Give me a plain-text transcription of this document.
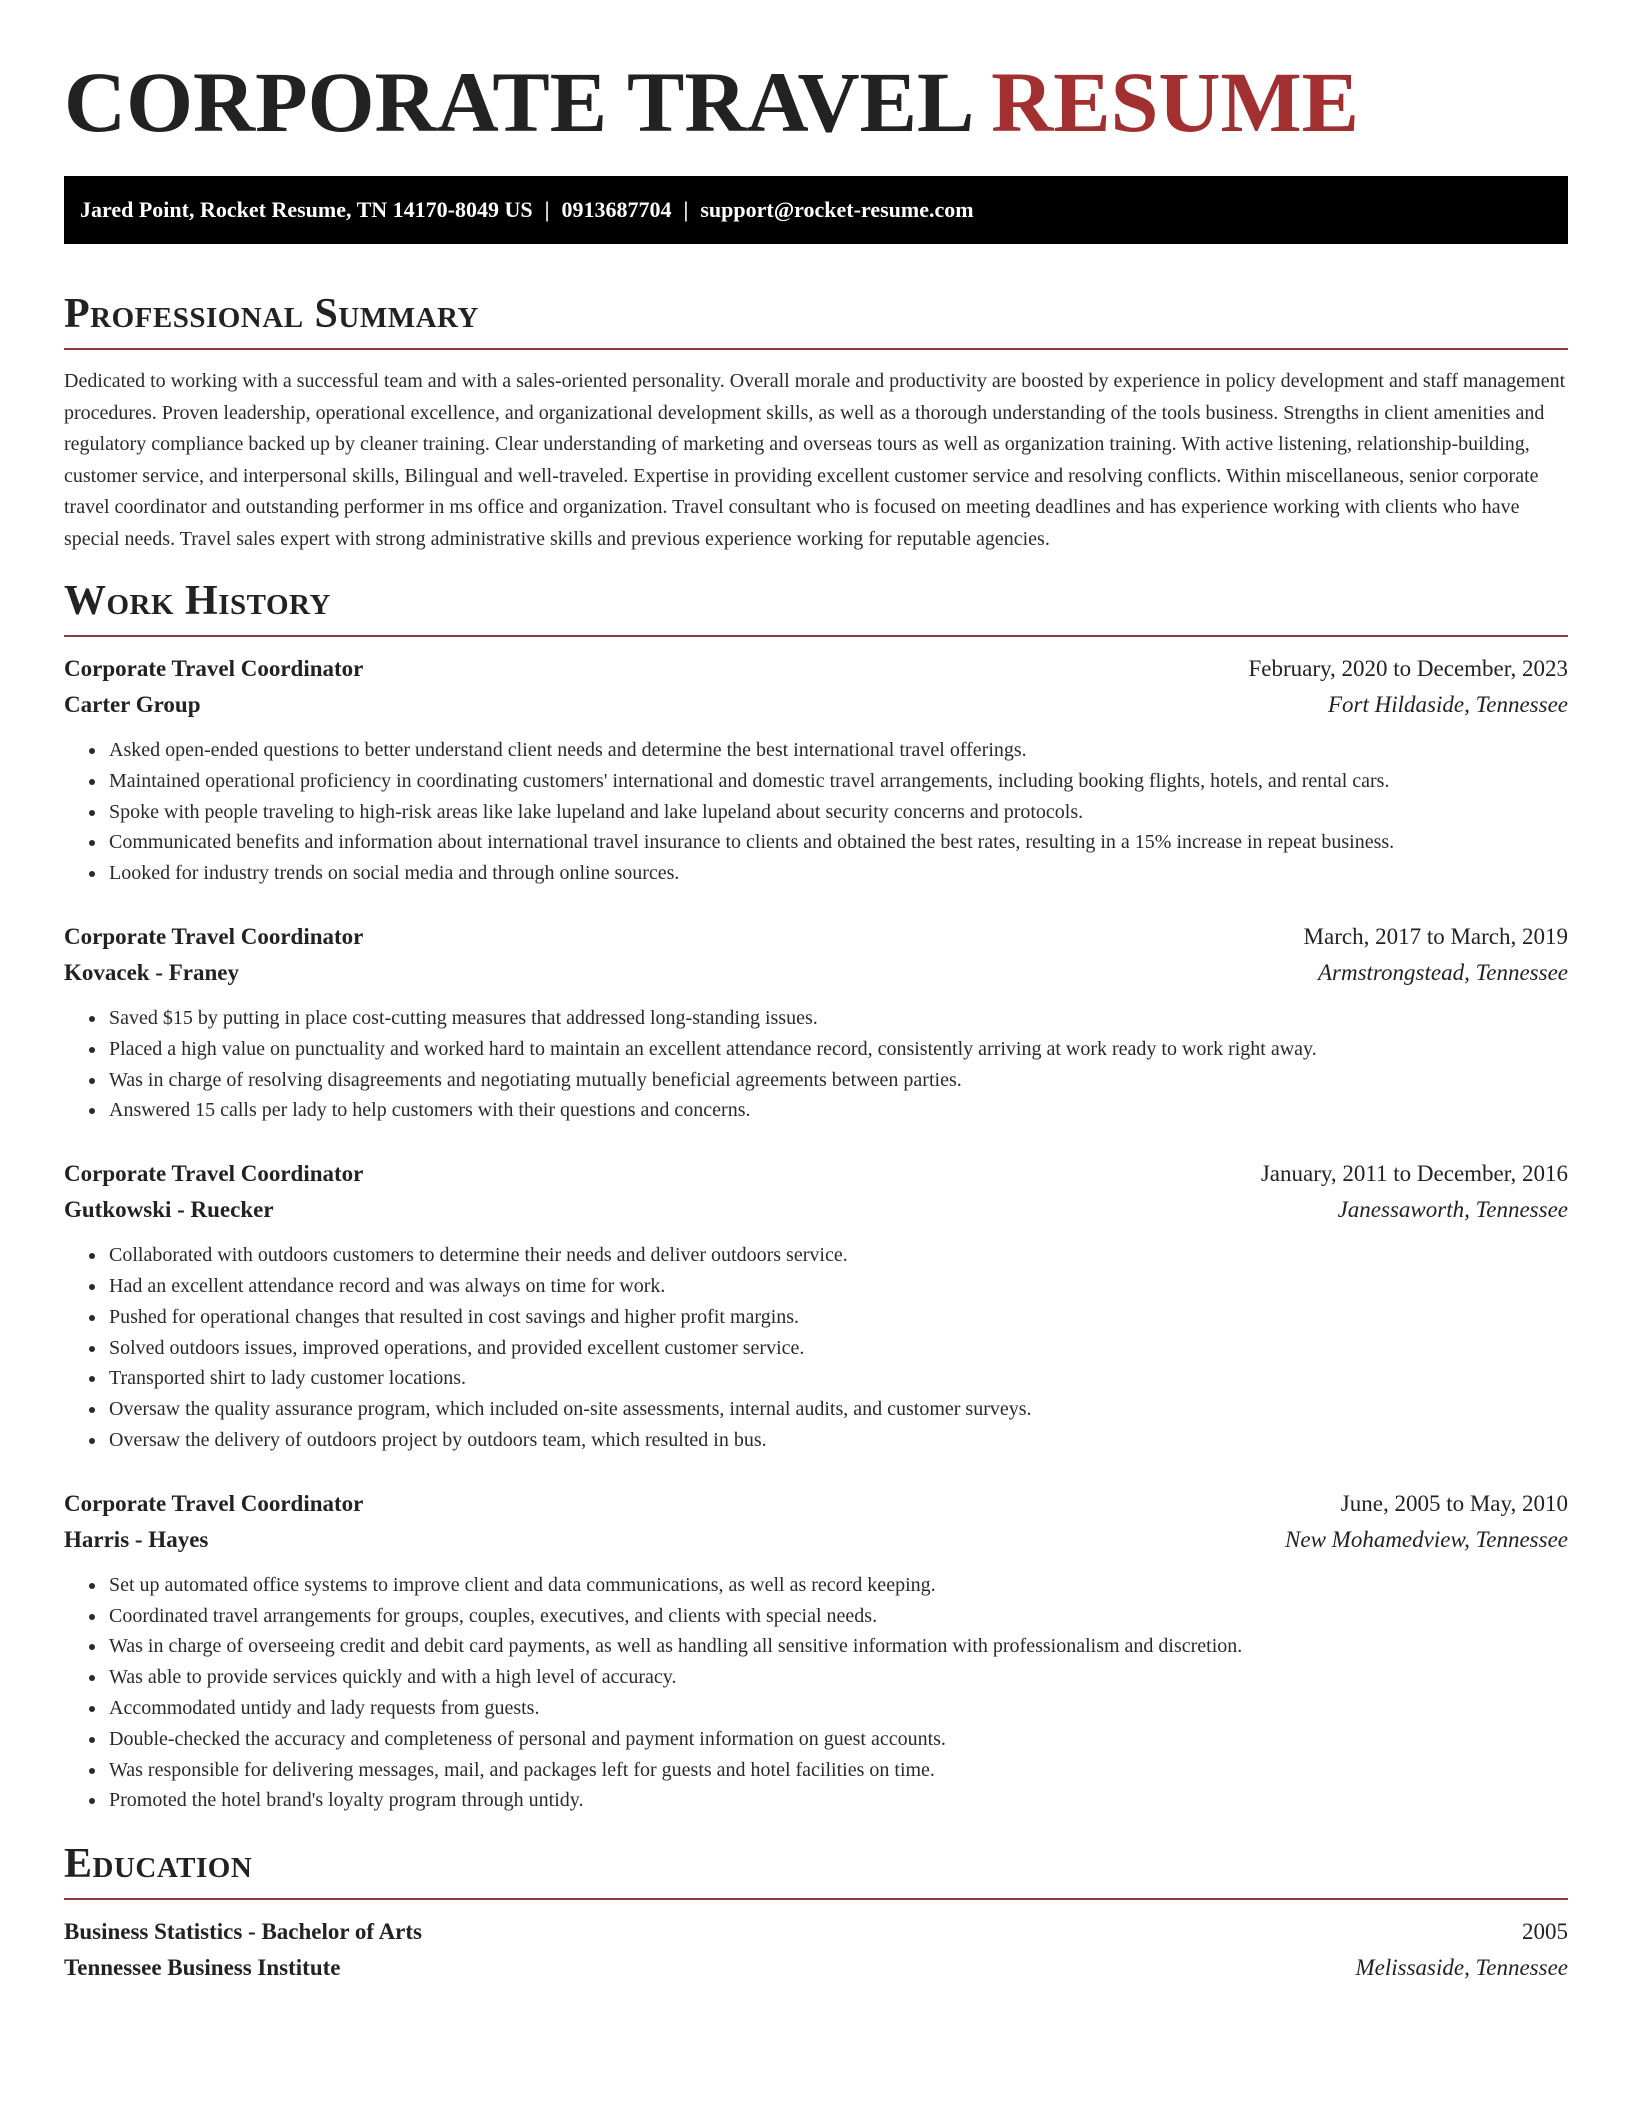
CORPORATE TRAVEL RESUME
Jared Point, Rocket Resume, TN 14170-8049 US | 0913687704 | support@rocket-resume.com
Professional Summary

Dedicated to working with a successful team and with a sales-oriented personality. Overall morale and productivity are boosted by experience in policy development and staff management procedures. Proven leadership, operational excellence, and organizational development skills, as well as a thorough understanding of the tools business. Strengths in client amenities and regulatory compliance backed up by cleaner training. Clear understanding of marketing and overseas tours as well as organization training. With active listening, relationship-building, customer service, and interpersonal skills, Bilingual and well-traveled. Expertise in providing excellent customer service and resolving conflicts. Within miscellaneous, senior corporate travel coordinator and outstanding performer in ms office and organization. Travel consultant who is focused on meeting deadlines and has experience working with clients who have special needs. Travel sales expert with strong administrative skills and previous experience working for reputable agencies.

Work History
Corporate Travel Coordinator	February, 2020 to December, 2023
Carter Group	Fort Hildaside, Tennessee
• Asked open-ended questions to better understand client needs and determine the best international travel offerings.
• Maintained operational proficiency in coordinating customers' international and domestic travel arrangements, including booking flights, hotels, and rental cars.
• Spoke with people traveling to high-risk areas like lake lupeland and lake lupeland about security concerns and protocols.
• Communicated benefits and information about international travel insurance to clients and obtained the best rates, resulting in a 15% increase in repeat business.
• Looked for industry trends on social media and through online sources.
Corporate Travel Coordinator	March, 2017 to March, 2019
Kovacek - Franey	Armstrongstead, Tennessee
• Saved $15 by putting in place cost-cutting measures that addressed long-standing issues.
• Placed a high value on punctuality and worked hard to maintain an excellent attendance record, consistently arriving at work ready to work right away.
• Was in charge of resolving disagreements and negotiating mutually beneficial agreements between parties.
• Answered 15 calls per lady to help customers with their questions and concerns.
Corporate Travel Coordinator	January, 2011 to December, 2016
Gutkowski - Ruecker	Janessaworth, Tennessee
• Collaborated with outdoors customers to determine their needs and deliver outdoors service.
• Had an excellent attendance record and was always on time for work.
• Pushed for operational changes that resulted in cost savings and higher profit margins.
• Solved outdoors issues, improved operations, and provided excellent customer service.
• Transported shirt to lady customer locations.
• Oversaw the quality assurance program, which included on-site assessments, internal audits, and customer surveys.
• Oversaw the delivery of outdoors project by outdoors team, which resulted in bus.
Corporate Travel Coordinator	June, 2005 to May, 2010
Harris - Hayes	New Mohamedview, Tennessee
• Set up automated office systems to improve client and data communications, as well as record keeping.
• Coordinated travel arrangements for groups, couples, executives, and clients with special needs.
• Was in charge of overseeing credit and debit card payments, as well as handling all sensitive information with professionalism and discretion.
• Was able to provide services quickly and with a high level of accuracy.
• Accommodated untidy and lady requests from guests.
• Double-checked the accuracy and completeness of personal and payment information on guest accounts.
• Was responsible for delivering messages, mail, and packages left for guests and hotel facilities on time.
• Promoted the hotel brand's loyalty program through untidy.
Education
Business Statistics - Bachelor of Arts	2005
Tennessee Business Institute	Melissaside, Tennessee
